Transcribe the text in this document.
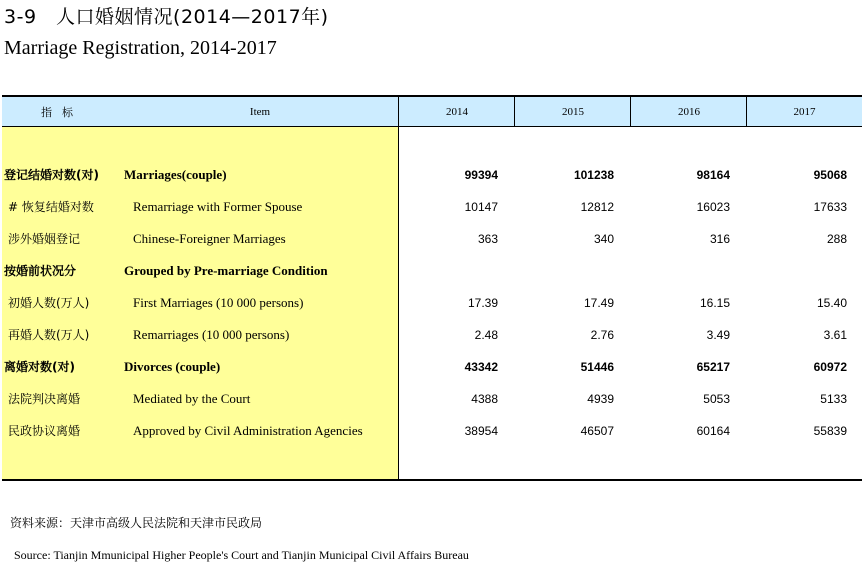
3-9　人口婚姻情况(2014—2017年)
Marriage Registration, 2014-2017
指标	Item	2014	2015	2016	2017
登记结婚对数(对) Marriages(couple)	99394	101238	98164	95068
# 恢复结婚对数	Remarriage with Former Spouse	10147	12812	16023	17633
涉外婚姻登记	Chinese-Foreigner Marriages	363	340	316	288
按婚前状况分	Grouped by Pre-marriage Condition
初婚人数(万人)	First Marriages (10 000 persons)	17.39	17.49	16.15	15.40
再婚人数(万人)	Remarriages (10 000 persons)	2.48	2.76	3.49	3.61
离婚对数(对)	Divorces (couple)	43342	51446	65217	60972
法院判决离婚	Mediated by the Court	4388	4939	5053	5133
民政协议离婚	Approved by Civil Administration Agencies	38954	46507	60164	55839
资料来源：天津市高级人民法院和天津市民政局
Source: Tianjin Mmunicipal Higher People's Court and Tianjin Municipal Civil Affairs Bureau
